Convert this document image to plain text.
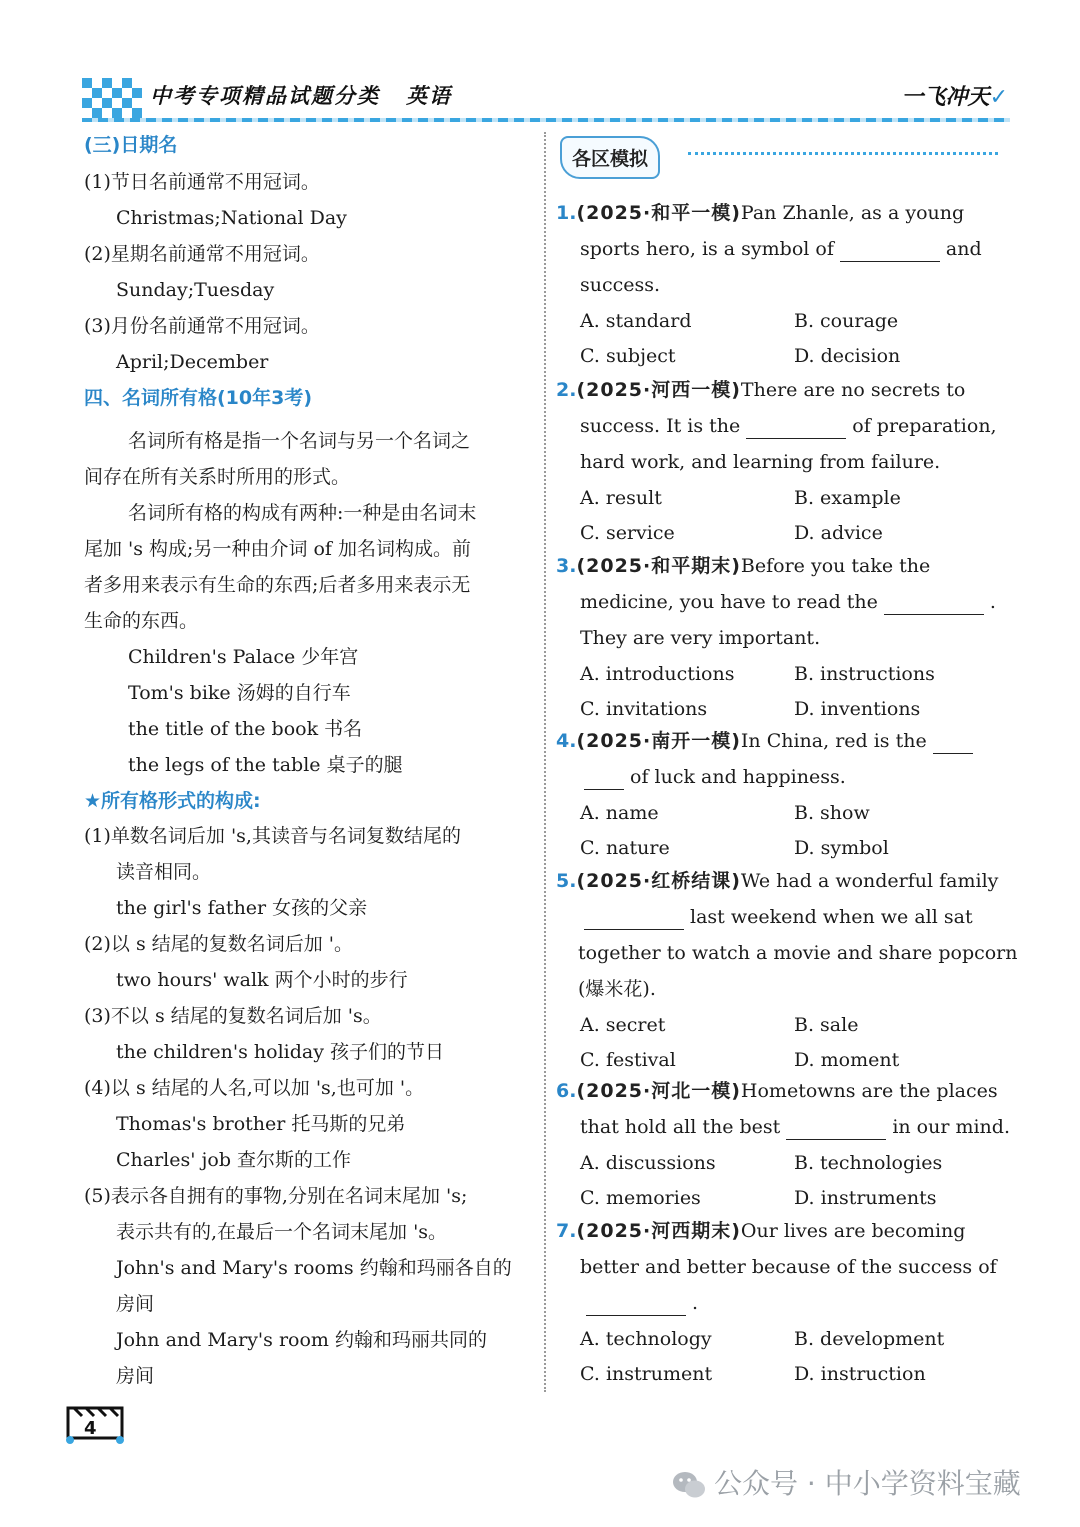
中考专项精品试题分类 英语	一飞冲天✓
(三)日期名
(1)节日名前通常不用冠词。
Christmas;National Day
(2)星期名前通常不用冠词。
Sunday;Tuesday
(3)月份名前通常不用冠词。
April;December
四、名词所有格(10年3考)
名词所有格是指一个名词与另一个名词之
间存在所有关系时所用的形式。
名词所有格的构成有两种:一种是由名词末
尾加 's 构成;另一种由介词 of 加名词构成。前
者多用来表示有生命的东西;后者多用来表示无
生命的东西。
Children's Palace 少年宫
Tom's bike 汤姆的自行车
the title of the book 书名
the legs of the table 桌子的腿
★所有格形式的构成:
(1)单数名词后加 's,其读音与名词复数结尾的
读音相同。
the girl's father 女孩的父亲
(2)以 s 结尾的复数名词后加 '。
two hours' walk 两个小时的步行
(3)不以 s 结尾的复数名词后加 's。
the children's holiday 孩子们的节日
(4)以 s 结尾的人名,可以加 's,也可加 '。
Thomas's brother 托马斯的兄弟
Charles' job 查尔斯的工作
(5)表示各自拥有的事物,分别在名词末尾加 's;
表示共有的,在最后一个名词末尾加 's。
John's and Mary's rooms 约翰和玛丽各自的
房间
John and Mary's room 约翰和玛丽共同的
房间
各区模拟
1.(2025·和平一模)Pan Zhanle, as a young
sports hero, is a symbol of	and
success.
A. standard	B. courage
C. subject	D. decision
2.(2025·河西一模)There are no secrets to
success. It is the	of preparation,
hard work, and learning from failure.
A. result	B. example
C. service	D. advice
3.(2025·和平期末)Before you take the
medicine, you have to read the	.
They are very important.
A. introductions	B. instructions
C. invitations	D. inventions
4.(2025·南开一模)In China, red is the
of luck and happiness.
A. name	B. show
C. nature	D. symbol
5.(2025·红桥结课)We had a wonderful family
last weekend when we all sat
together to watch a movie and share popcorn
(爆米花).
A. secret	B. sale
C. festival	D. moment
6.(2025·河北一模)Hometowns are the places
that hold all the best	in our mind.
A. discussions	B. technologies
C. memories	D. instruments
7.(2025·河西期末)Our lives are becoming
better and better because of the success of
.
A. technology	B. development
C. instrument	D. instruction
4
公众号 · 中小学资料宝藏
